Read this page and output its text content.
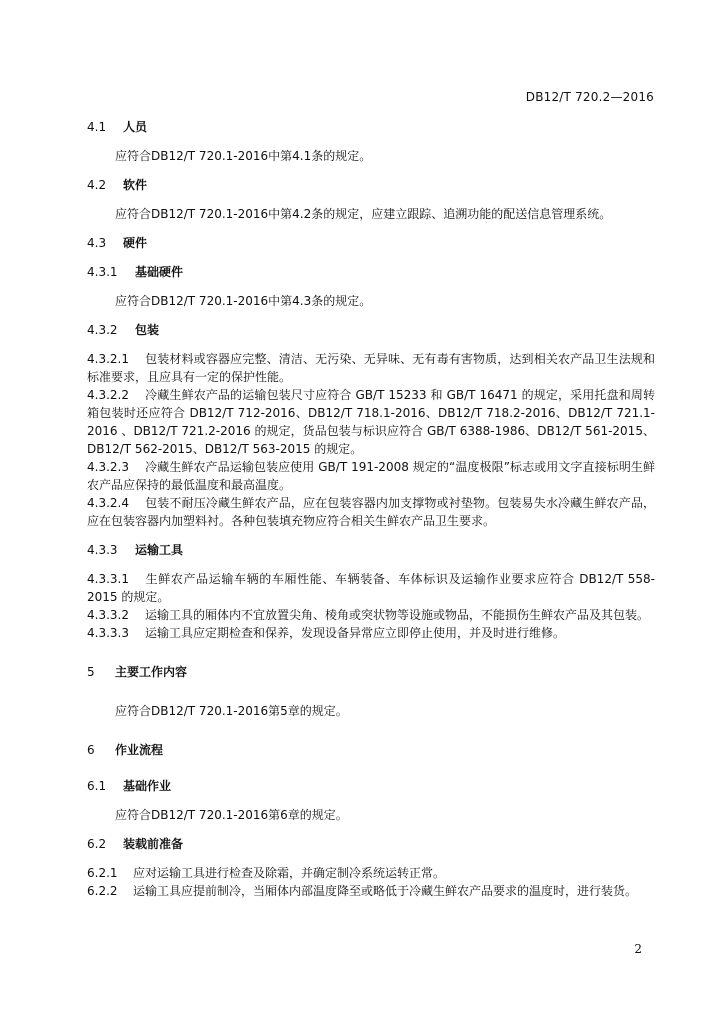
DB12/T 720.2—2016

4.1 人员

应符合DB12/T 720.1-2016中第4.1条的规定。

4.2 软件

应符合DB12/T 720.1-2016中第4.2条的规定，应建立跟踪、追溯功能的配送信息管理系统。

4.3 硬件

4.3.1 基础硬件

应符合DB12/T 720.1-2016中第4.3条的规定。

4.3.2 包装

4.3.2.1 包装材料或容器应完整、清洁、无污染、无异味、无有毒有害物质，达到相关农产品卫生法规和标准要求，且应具有一定的保护性能。

4.3.2.2 冷藏生鲜农产品的运输包装尺寸应符合 GB/T 15233 和 GB/T 16471 的规定，采用托盘和周转箱包装时还应符合 DB12/T 712-2016、DB12/T 718.1-2016、DB12/T 718.2-2016、DB12/T 721.1-2016 、DB12/T 721.2-2016 的规定，货品包装与标识应符合 GB/T 6388-1986、DB12/T 561-2015、DB12/T 562-2015、DB12/T 563-2015 的规定。

4.3.2.3 冷藏生鲜农产品运输包装应使用 GB/T 191-2008 规定的“温度极限”标志或用文字直接标明生鲜农产品应保持的最低温度和最高温度。

4.3.2.4 包装不耐压冷藏生鲜农产品，应在包装容器内加支撑物或衬垫物。包装易失水冷藏生鲜农产品，应在包装容器内加塑料衬。各种包装填充物应符合相关生鲜农产品卫生要求。

4.3.3 运输工具

4.3.3.1 生鲜农产品运输车辆的车厢性能、车辆装备、车体标识及运输作业要求应符合 DB12/T 558-2015 的规定。

4.3.3.2 运输工具的厢体内不宜放置尖角、棱角或突状物等设施或物品，不能损伤生鲜农产品及其包装。

4.3.3.3 运输工具应定期检查和保养，发现设备异常应立即停止使用，并及时进行维修。

5 主要工作内容

应符合DB12/T 720.1-2016第5章的规定。

6 作业流程

6.1 基础作业

应符合DB12/T 720.1-2016第6章的规定。

6.2 装载前准备

6.2.1 应对运输工具进行检查及除霜，并确定制冷系统运转正常。

6.2.2 运输工具应提前制冷，当厢体内部温度降至或略低于冷藏生鲜农产品要求的温度时，进行装货。

2
